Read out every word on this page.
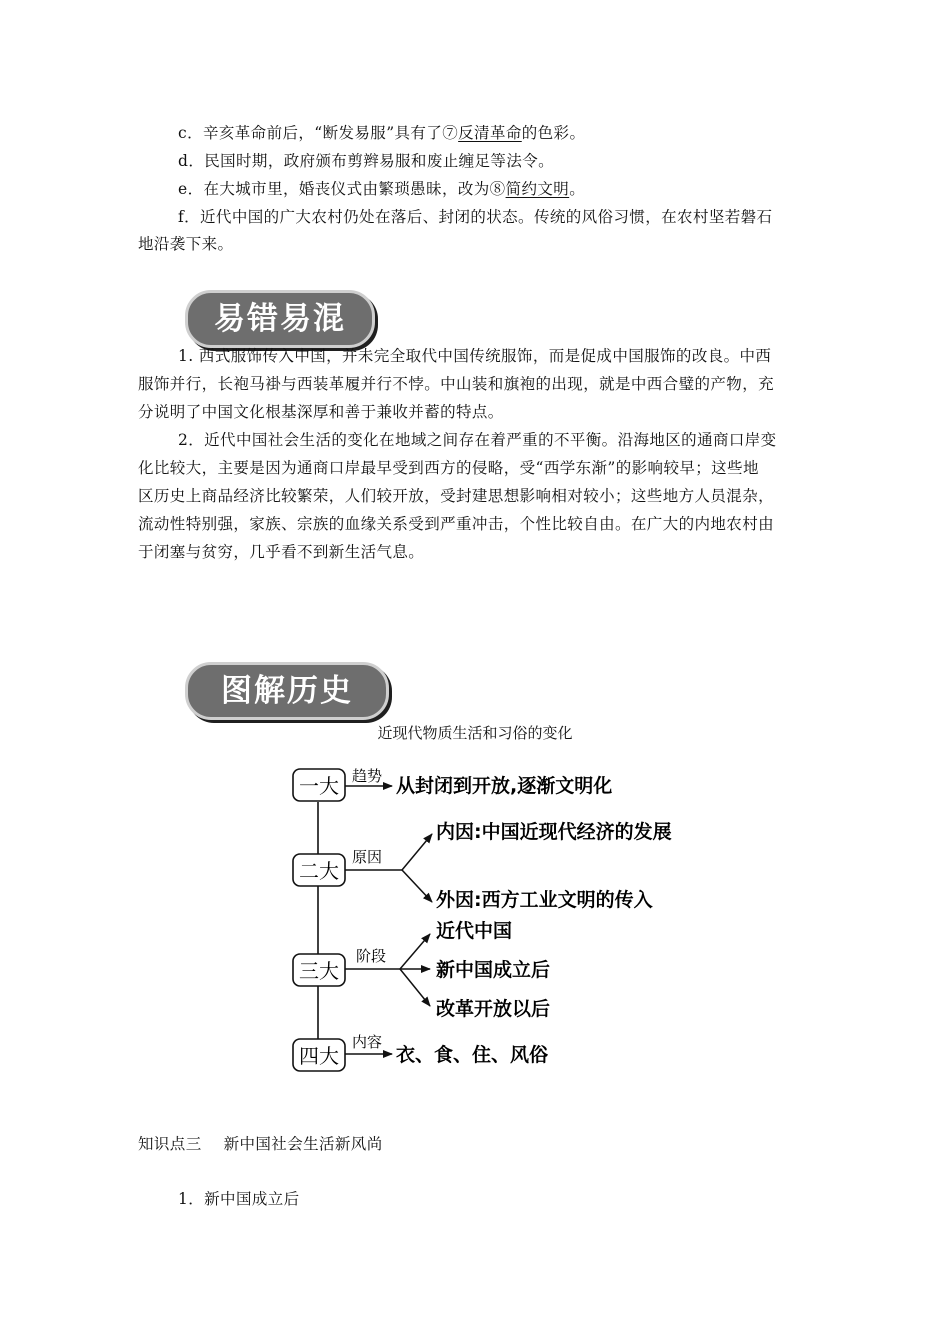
c．辛亥革命前后，“断发易服”具有了⑦反清革命的色彩。

d．民国时期，政府颁布剪辫易服和废止缠足等法令。

e．在大城市里，婚丧仪式由繁琐愚昧，改为⑧简约文明。

f．近代中国的广大农村仍处在落后、封闭的状态。传统的风俗习惯，在农村坚若磐石

地沿袭下来。

易错易混

1. 西式服饰传入中国，并未完全取代中国传统服饰，而是促成中国服饰的改良。中西

服饰并行，长袍马褂与西装革履并行不悖。中山装和旗袍的出现，就是中西合璧的产物，充

分说明了中国文化根基深厚和善于兼收并蓄的特点。

2．近代中国社会生活的变化在地域之间存在着严重的不平衡。沿海地区的通商口岸变

化比较大，主要是因为通商口岸最早受到西方的侵略，受“西学东渐”的影响较早；这些地

区历史上商品经济比较繁荣，人们较开放，受封建思想影响相对较小；这些地方人员混杂，

流动性特别强，家族、宗族的血缘关系受到严重冲击，个性比较自由。在广大的内地农村由

于闭塞与贫穷，几乎看不到新生活气息。

图解历史
近现代物质生活和习俗的变化
一大 趋势 从封闭到开放,逐渐文明化
二大
原因
内因:中国近现代经济的发展
外因:西方工业文明的传入
三大
阶段
近代中国
新中国成立后
改革开放以后
四大
内容
衣、食、住、风俗

知识点三 新中国社会生活新风尚

1．新中国成立后
